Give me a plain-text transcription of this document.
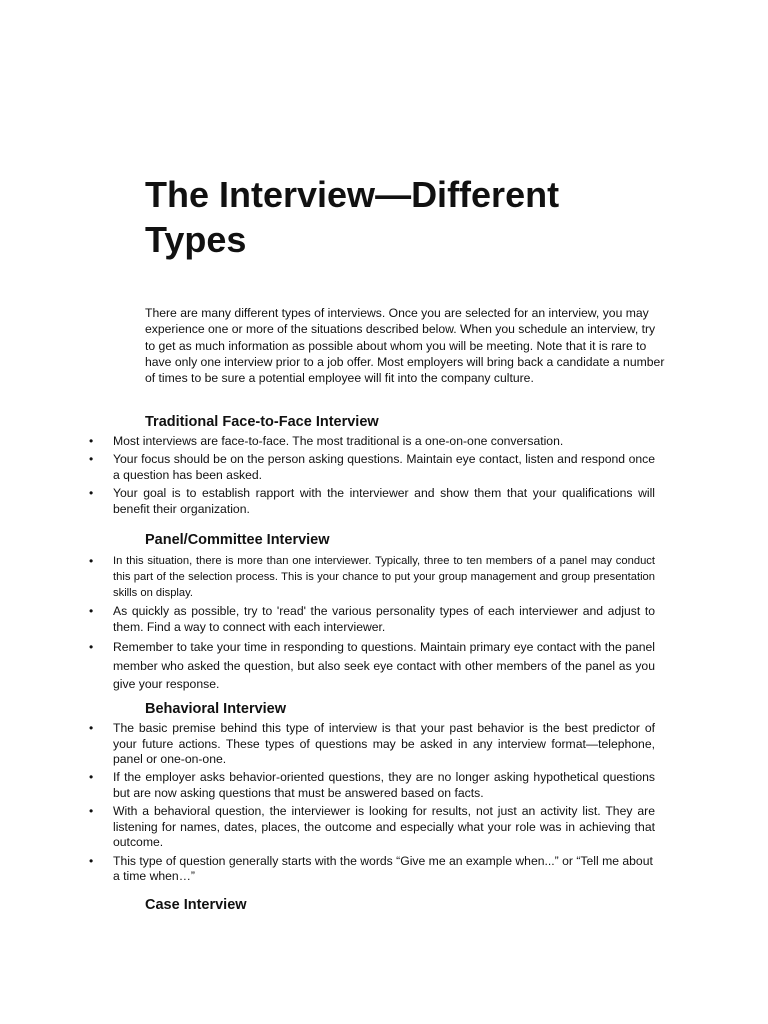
The Interview—Different Types

There are many different types of interviews. Once you are selected for an interview, you may experience one or more of the situations described below. When you schedule an interview, try to get as much information as possible about whom you will be meeting. Note that it is rare to have only one interview prior to a job offer. Most employers will bring back a candidate a number of times to be sure a potential employee will fit into the company culture.

Traditional Face-to-Face Interview
• Most interviews are face-to-face. The most traditional is a one-on-one conversation.
• Your focus should be on the person asking questions. Maintain eye contact, listen and respond once a question has been asked.
• Your goal is to establish rapport with the interviewer and show them that your qualifications will benefit their organization.
Panel/Committee Interview
• In this situation, there is more than one interviewer. Typically, three to ten members of a panel may conduct this part of the selection process. This is your chance to put your group management and group presentation skills on display.
• As quickly as possible, try to 'read' the various personality types of each interviewer and adjust to them. Find a way to connect with each interviewer.
• Remember to take your time in responding to questions. Maintain primary eye contact with the panel member who asked the question, but also seek eye contact with other members of the panel as you give your response.
Behavioral Interview
• The basic premise behind this type of interview is that your past behavior is the best predictor of your future actions. These types of questions may be asked in any interview format—telephone, panel or one-on-one.
• If the employer asks behavior-oriented questions, they are no longer asking hypothetical questions but are now asking questions that must be answered based on facts.
• With a behavioral question, the interviewer is looking for results, not just an activity list. They are listening for names, dates, places, the outcome and especially what your role was in achieving that outcome.
• This type of question generally starts with the words “Give me an example when...” or “Tell me about a time when…”
Case Interview
